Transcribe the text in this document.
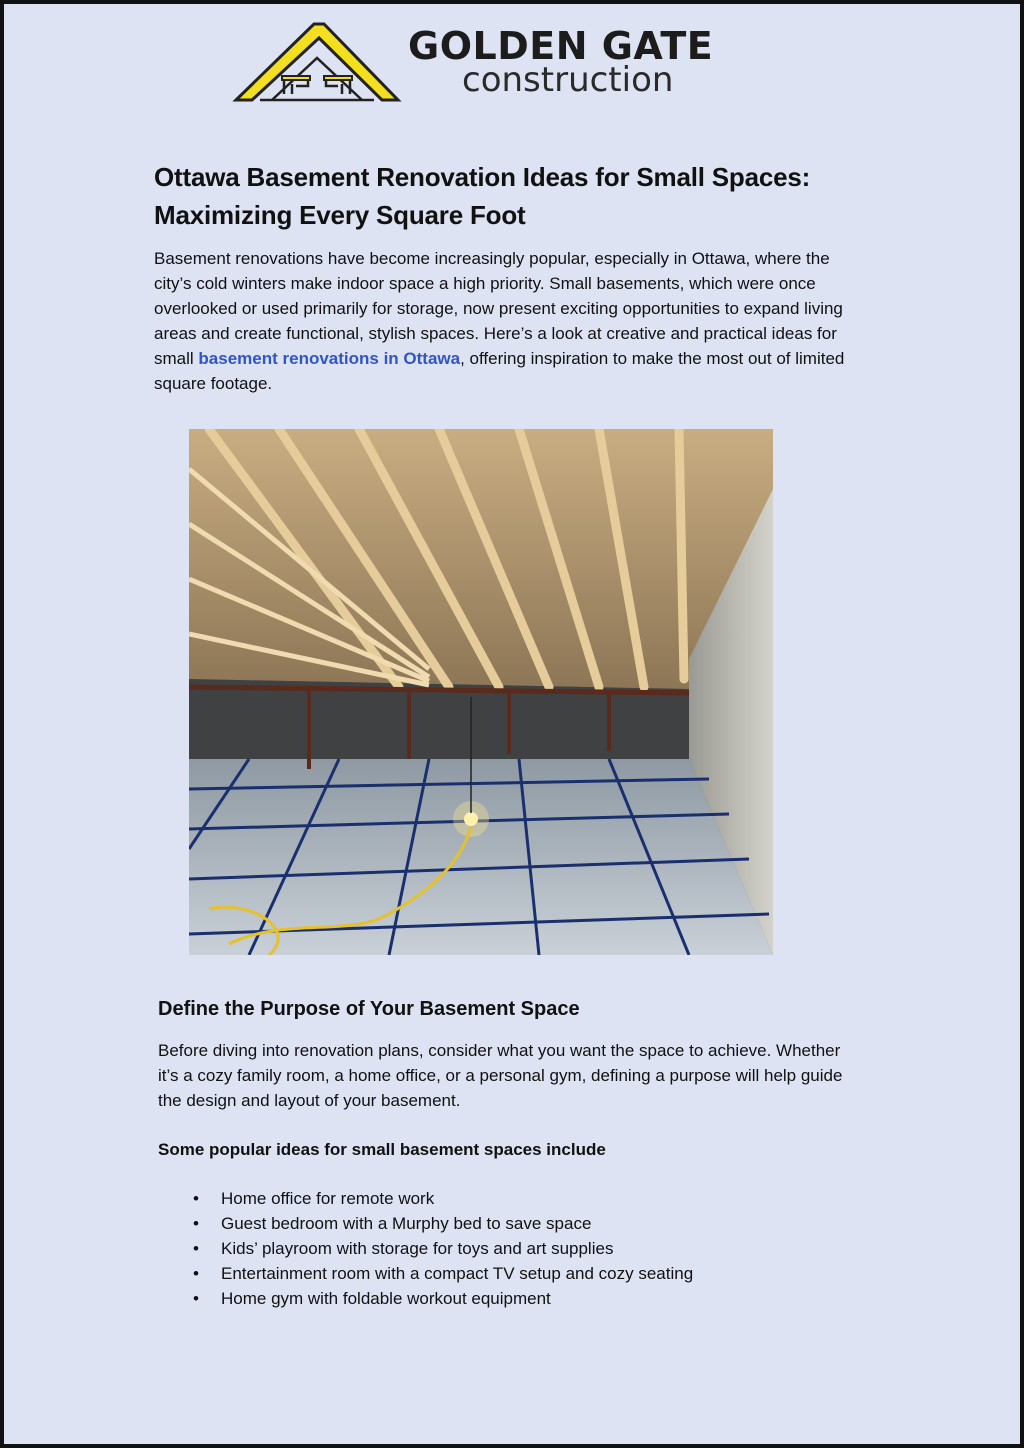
GOLDEN GATE
construction
Ottawa Basement Renovation Ideas for Small Spaces: Maximizing Every Square Foot

Basement renovations have become increasingly popular, especially in Ottawa, where the city’s cold winters make indoor space a high priority. Small basements, which were once overlooked or used primarily for storage, now present exciting opportunities to expand living areas and create functional, stylish spaces. Here’s a look at creative and practical ideas for small basement renovations in Ottawa, offering inspiration to make the most out of limited square footage.

Define the Purpose of Your Basement Space

Before diving into renovation plans, consider what you want the space to achieve. Whether it’s a cozy family room, a home office, or a personal gym, defining a purpose will help guide the design and layout of your basement.

Some popular ideas for small basement spaces include
• Home office for remote work
• Guest bedroom with a Murphy bed to save space
• Kids’ playroom with storage for toys and art supplies
• Entertainment room with a compact TV setup and cozy seating
• Home gym with foldable workout equipment
